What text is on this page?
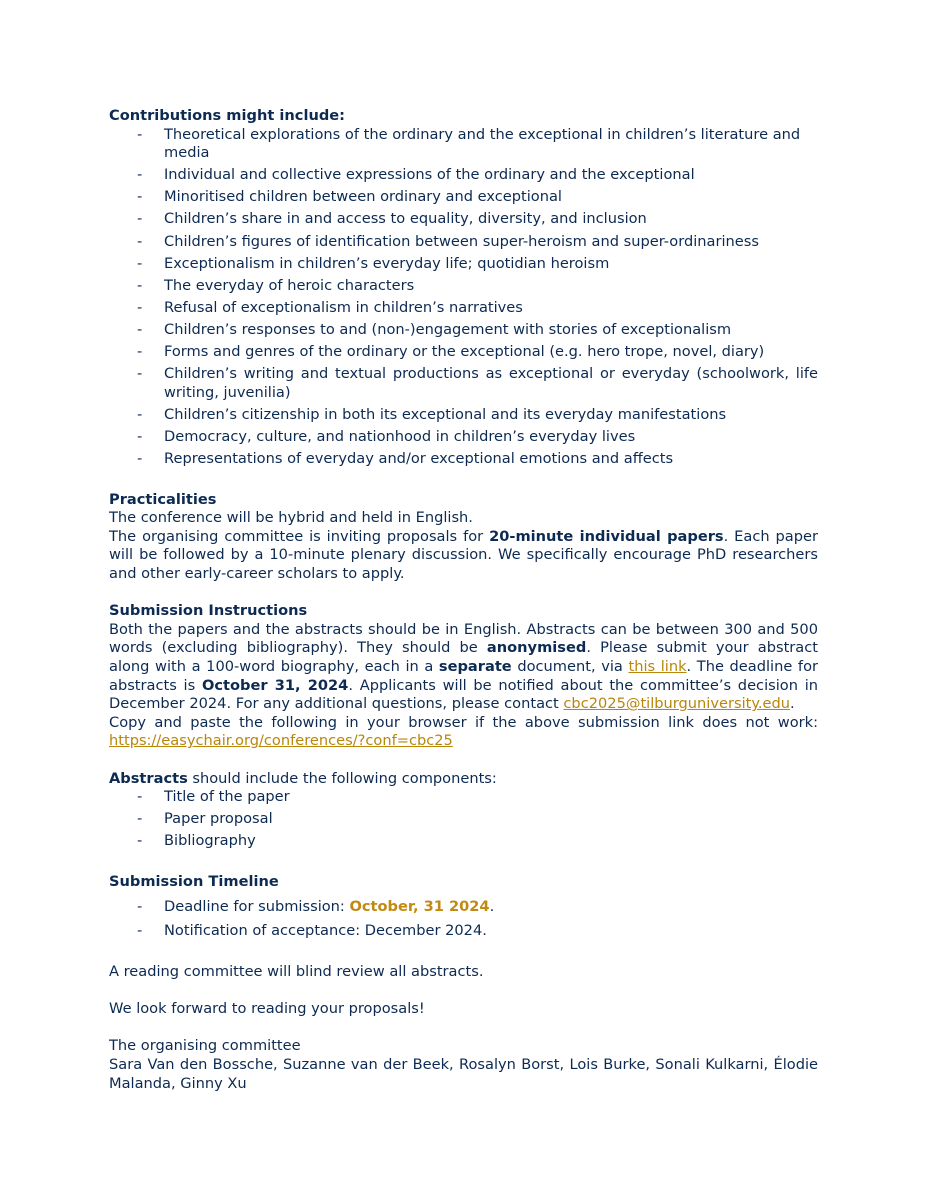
Contributions might include:

- Theoretical explorations of the ordinary and the exceptional in children’s literature and media
- Individual and collective expressions of the ordinary and the exceptional
- Minoritised children between ordinary and exceptional
- Children’s share in and access to equality, diversity, and inclusion
- Children’s figures of identification between super-heroism and super-ordinariness
- Exceptionalism in children’s everyday life; quotidian heroism
- The everyday of heroic characters
- Refusal of exceptionalism in children’s narratives
- Children’s responses to and (non-)engagement with stories of exceptionalism
- Forms and genres of the ordinary or the exceptional (e.g. hero trope, novel, diary)
- Children’s writing and textual productions as exceptional or everyday (schoolwork, life writing, juvenilia)
- Children’s citizenship in both its exceptional and its everyday manifestations
- Democracy, culture, and nationhood in children’s everyday lives
- Representations of everyday and/or exceptional emotions and affects

Practicalities

The conference will be hybrid and held in English.

The organising committee is inviting proposals for 20-minute individual papers. Each paper will be followed by a 10-minute plenary discussion. We specifically encourage PhD researchers and other early-career scholars to apply.

Submission Instructions

Both the papers and the abstracts should be in English. Abstracts can be between 300 and 500 words (excluding bibliography). They should be anonymised. Please submit your abstract along with a 100-word biography, each in a separate document, via this link. The deadline for abstracts is October 31, 2024. Applicants will be notified about the committee’s decision in December 2024. For any additional questions, please contact cbc2025@tilburguniversity.edu.

Copy and paste the following in your browser if the above submission link does not work: https://easychair.org/conferences/?conf=cbc25

Abstracts should include the following components:

- Title of the paper
- Paper proposal
- Bibliography

Submission Timeline

- Deadline for submission: October, 31 2024.
- Notification of acceptance: December 2024.

A reading committee will blind review all abstracts.

We look forward to reading your proposals!

The organising committee

Sara Van den Bossche, Suzanne van der Beek, Rosalyn Borst, Lois Burke, Sonali Kulkarni, Élodie Malanda, Ginny Xu
